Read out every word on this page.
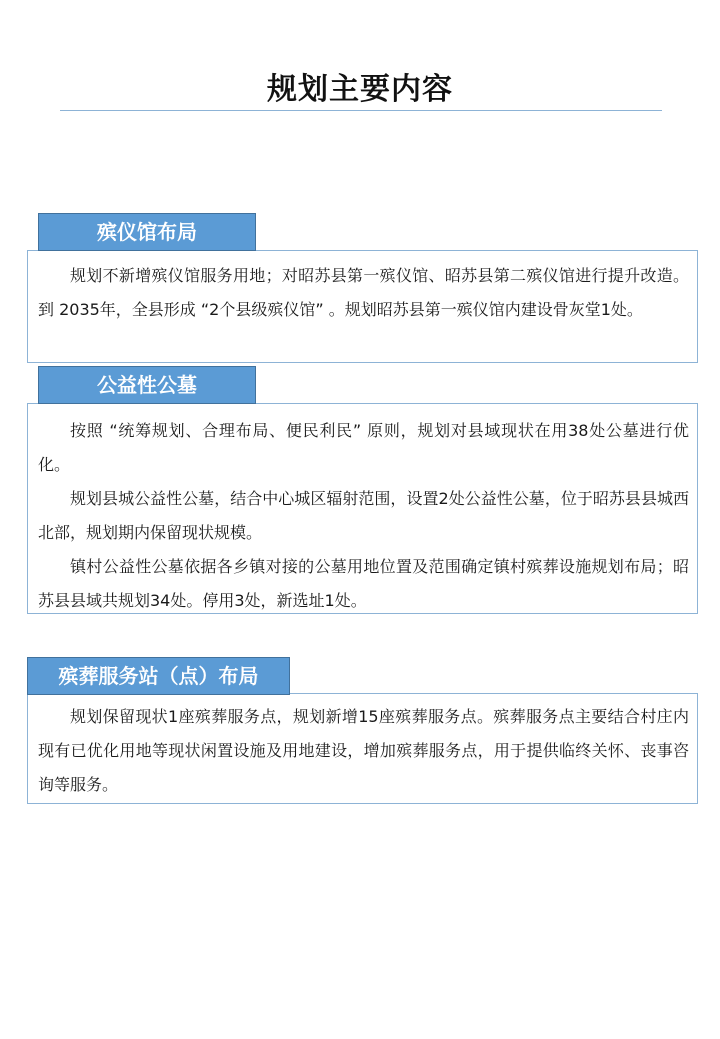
规划主要内容

规划不新增殡仪馆服务用地；对昭苏县第一殡仪馆、昭苏县第二殡仪馆进行提升改造。到 2035年，全县形成 “2个县级殡仪馆” 。规划昭苏县第一殡仪馆内建设骨灰堂1处。

殡仪馆布局

按照 “统筹规划、合理布局、便民利民” 原则，规划对县域现状在用38处公墓进行优化。

规划县城公益性公墓，结合中心城区辐射范围，设置2处公益性公墓，位于昭苏县县城西北部，规划期内保留现状规模。

镇村公益性公墓依据各乡镇对接的公墓用地位置及范围确定镇村殡葬设施规划布局；昭苏县县域共规划34处。停用3处，新选址1处。

公益性公墓

规划保留现状1座殡葬服务点，规划新增15座殡葬服务点。殡葬服务点主要结合村庄内现有已优化用地等现状闲置设施及用地建设，增加殡葬服务点，用于提供临终关怀、丧事咨询等服务。

殡葬服务站（点）布局
